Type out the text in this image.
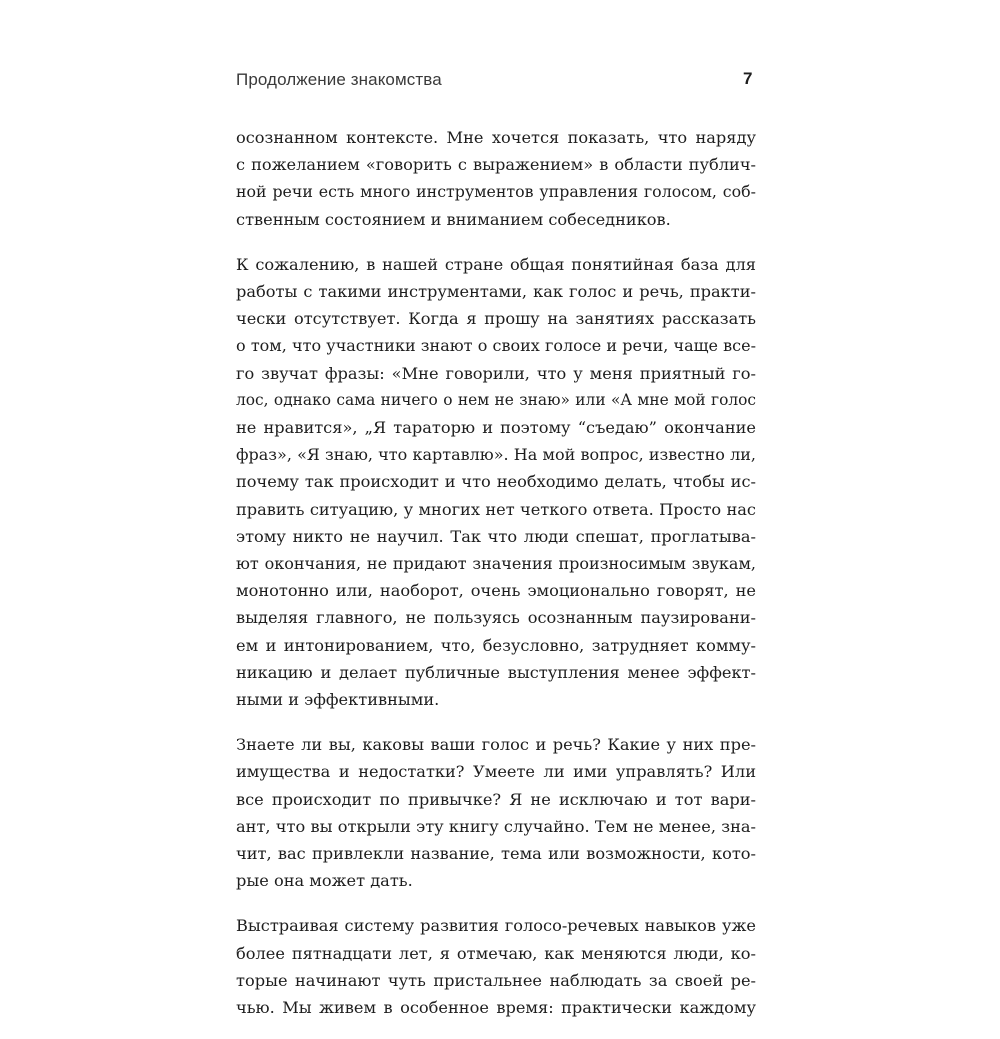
Продолжение знакомства	7

осознанном контексте. Мне хочется показать, что наряду
с пожеланием «говорить с выражением» в области публич-
ной речи есть много инструментов управления голосом, соб-
ственным состоянием и вниманием собеседников.

К сожалению, в нашей стране общая понятийная база для
работы с такими инструментами, как голос и речь, практи-
чески отсутствует. Когда я прошу на занятиях рассказать
о том, что участники знают о своих голосе и речи, чаще все-
го звучат фразы: «Мне говорили, что у меня приятный го-
лос, однако сама ничего о нем не знаю» или «А мне мой голос
не нравится», „Я тараторю и поэтому “съедаю” окончание
фраз», «Я знаю, что картавлю». На мой вопрос, известно ли,
почему так происходит и что необходимо делать, чтобы ис-
править ситуацию, у многих нет четкого ответа. Просто нас
этому никто не научил. Так что люди спешат, проглатыва-
ют окончания, не придают значения произносимым звукам,
монотонно или, наоборот, очень эмоционально говорят, не
выделяя главного, не пользуясь осознанным паузировани-
ем и интонированием, что, безусловно, затрудняет комму-
никацию и делает публичные выступления менее эффект-
ными и эффективными.

Знаете ли вы, каковы ваши голос и речь? Какие у них пре-
имущества и недостатки? Умеете ли ими управлять? Или
все происходит по привычке? Я не исключаю и тот вари-
ант, что вы открыли эту книгу случайно. Тем не менее, зна-
чит, вас привлекли название, тема или возможности, кото-
рые она может дать.

Выстраивая систему развития голосо-речевых навыков уже
более пятнадцати лет, я отмечаю, как меняются люди, ко-
торые начинают чуть пристальнее наблюдать за своей ре-
чью. Мы живем в особенное время: практически каждому
